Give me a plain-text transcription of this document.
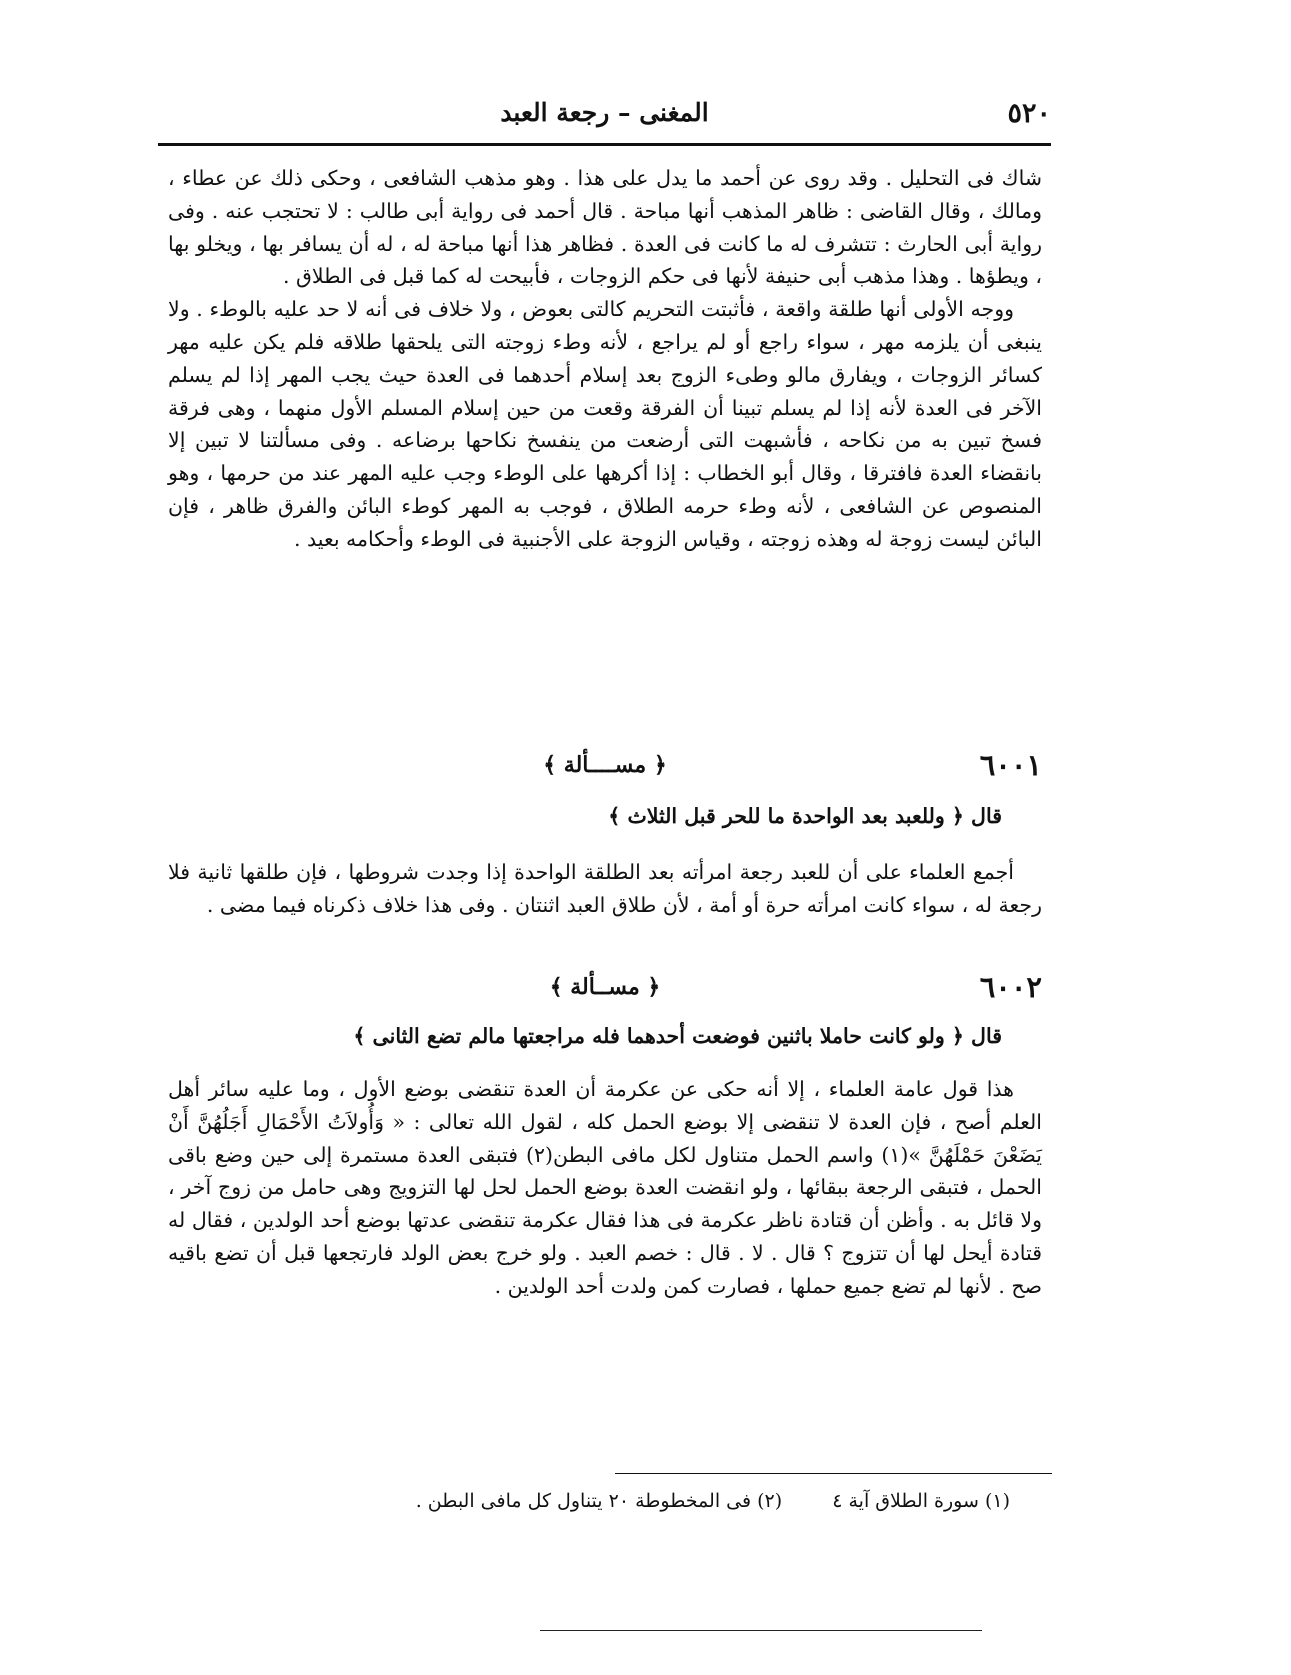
٥٢٠
المغنى – رجعة العبد

شاك فى التحليل . وقد روى عن أحمد ما يدل على هذا . وهو مذهب الشافعى ، وحكى ذلك عن عطاء ، ومالك ، وقال القاضى : ظاهر المذهب أنها مباحة . قال أحمد فى رواية أبى طالب : لا تحتجب عنه . وفى رواية أبى الحارث : تتشرف له ما كانت فى العدة . فظاهر هذا أنها مباحة له ، له أن يسافر بها ، ويخلو بها ، ويطؤها . وهذا مذهب أبى حنيفة لأنها فى حكم الزوجات ، فأبيحت له كما قبل فى الطلاق .

ووجه الأولى أنها طلقة واقعة ، فأثبتت التحريم كالتى بعوض ، ولا خلاف فى أنه لا حد عليه بالوطء . ولا ينبغى أن يلزمه مهر ، سواء راجع أو لم يراجع ، لأنه وطء زوجته التى يلحقها طلاقه فلم يكن عليه مهر كسائر الزوجات ، ويفارق مالو وطىء الزوج بعد إسلام أحدهما فى العدة حيث يجب المهر إذا لم يسلم الآخر فى العدة لأنه إذا لم يسلم تبينا أن الفرقة وقعت من حين إسلام المسلم الأول منهما ، وهى فرقة فسخ تبين به من نكاحه ، فأشبهت التى أرضعت من ينفسخ نكاحها برضاعه . وفى مسألتنا لا تبين إلا بانقضاء العدة فافترقا ، وقال أبو الخطاب : إذا أكرهها على الوطء وجب عليه المهر عند من حرمها ، وهو المنصوص عن الشافعى ، لأنه وطء حرمه الطلاق ، فوجب به المهر كوطء البائن والفرق ظاهر ، فإن البائن ليست زوجة له وهذه زوجته ، وقياس الزوجة على الأجنبية فى الوطء وأحكامه بعيد .

٦٠٠١
﴿ مســــألة ﴾
قال ﴿ وللعبد بعد الواحدة ما للحر قبل الثلاث ﴾
أجمع العلماء على أن للعبد رجعة امرأته بعد الطلقة الواحدة إذا وجدت شروطها ، فإن طلقها ثانية فلا رجعة له ، سواء كانت امرأته حرة أو أمة ، لأن طلاق العبد اثنتان . وفى هذا خلاف ذكرناه فيما مضى .
٦٠٠٢
﴿ مســألة ﴾
قال ﴿ ولو كانت حاملا باثنين فوضعت أحدهما فله مراجعتها مالم تضع الثانى ﴾
هذا قول عامة العلماء ، إلا أنه حكى عن عكرمة أن العدة تنقضى بوضع الأول ، وما عليه سائر أهل العلم أصح ، فإن العدة لا تنقضى إلا بوضع الحمل كله ، لقول الله تعالى : « وَأُولاَتُ الأَحْمَالِ أَجَلُهُنَّ أَنْ يَضَعْنَ حَمْلَهُنَّ »(١) واسم الحمل متناول لكل مافى البطن(٢) فتبقى العدة مستمرة إلى حين وضع باقى الحمل ، فتبقى الرجعة ببقائها ، ولو انقضت العدة بوضع الحمل لحل لها التزويج وهى حامل من زوج آخر ، ولا قائل به . وأظن أن قتادة ناظر عكرمة فى هذا فقال عكرمة تنقضى عدتها بوضع أحد الولدين ، فقال له قتادة أيحل لها أن تتزوج ؟ قال . لا . قال : خصم العبد . ولو خرج بعض الولد فارتجعها قبل أن تضع باقيه صح . لأنها لم تضع جميع حملها ، فصارت كمن ولدت أحد الولدين .
(١) سورة الطلاق آية ٤ (٢) فى المخطوطة ٢٠ يتناول كل مافى البطن .
